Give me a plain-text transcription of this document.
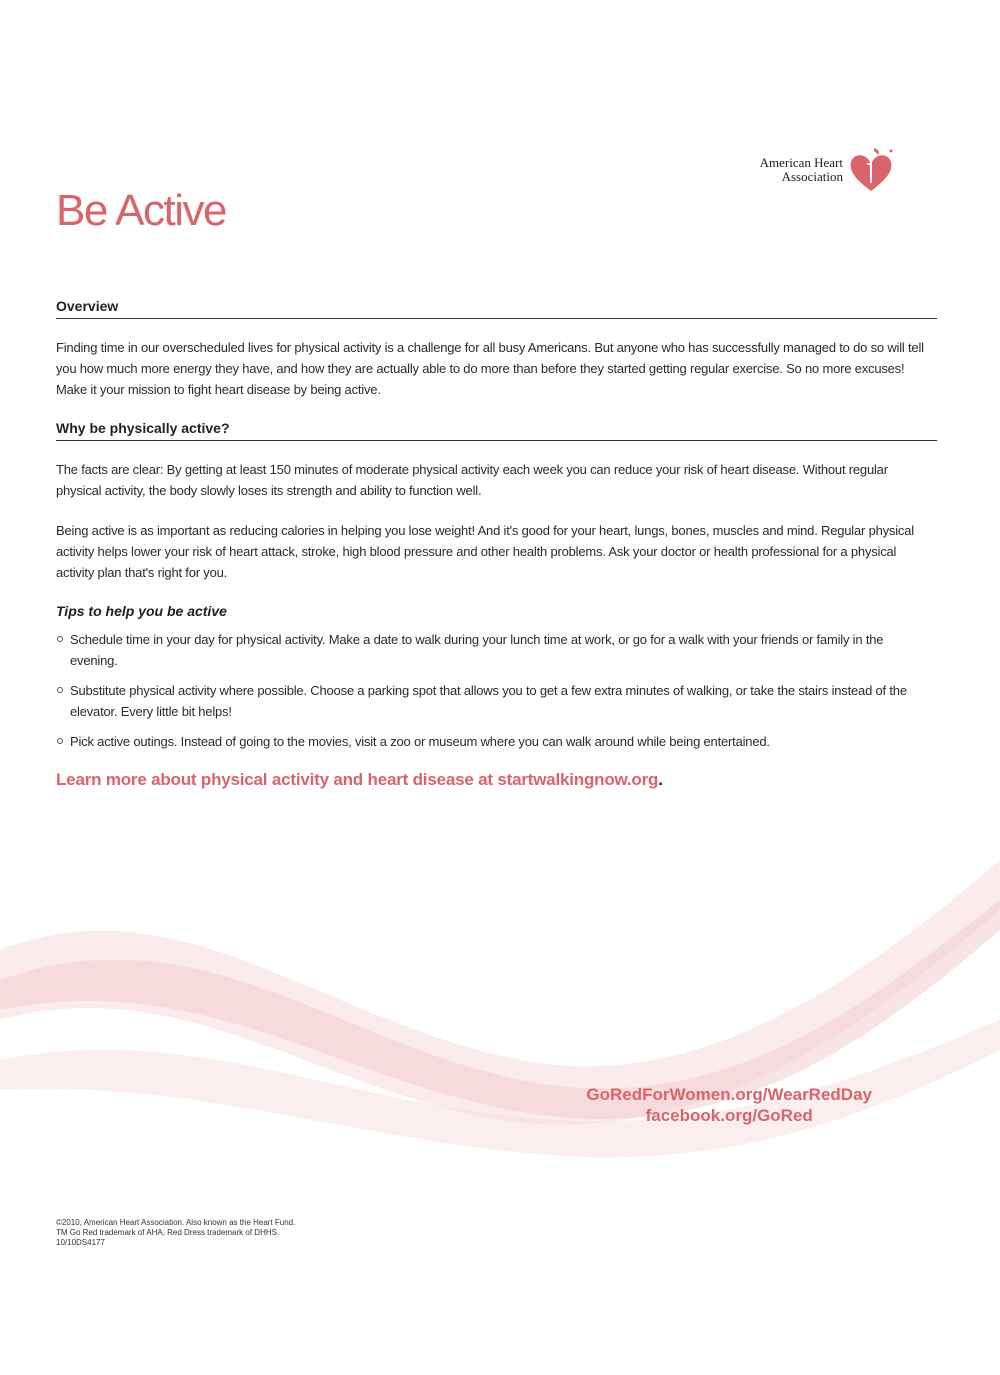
American Heart
Association
Be Active
Overview

Finding time in our overscheduled lives for physical activity is a challenge for all busy Americans. But anyone who has successfully managed to do so will tell you how much more energy they have, and how they are actually able to do more than before they started getting regular exercise. So no more excuses! Make it your mission to fight heart disease by being active.

Why be physically active?

The facts are clear: By getting at least 150 minutes of moderate physical activity each week you can reduce your risk of heart disease. Without regular physical activity, the body slowly loses its strength and ability to function well.

Being active is as important as reducing calories in helping you lose weight! And it's good for your heart, lungs, bones, muscles and mind. Regular physical activity helps lower your risk of heart attack, stroke, high blood pressure and other health problems. Ask your doctor or health professional for a physical activity plan that's right for you.

Tips to help you be active
Schedule time in your day for physical activity. Make a date to walk during your lunch time at work, or go for a walk with your friends or family in the evening.
Substitute physical activity where possible. Choose a parking spot that allows you to get a few extra minutes of walking, or take the stairs instead of the elevator. Every little bit helps!
Pick active outings. Instead of going to the movies, visit a zoo or museum where you can walk around while being entertained.

Learn more about physical activity and heart disease at startwalkingnow.org.

GoRedForWomen.org/WearRedDay
facebook.org/GoRed
©2010, American Heart Association. Also known as the Heart Fund.
TM Go Red trademark of AHA, Red Dress trademark of DHHS.
10/10DS4177
